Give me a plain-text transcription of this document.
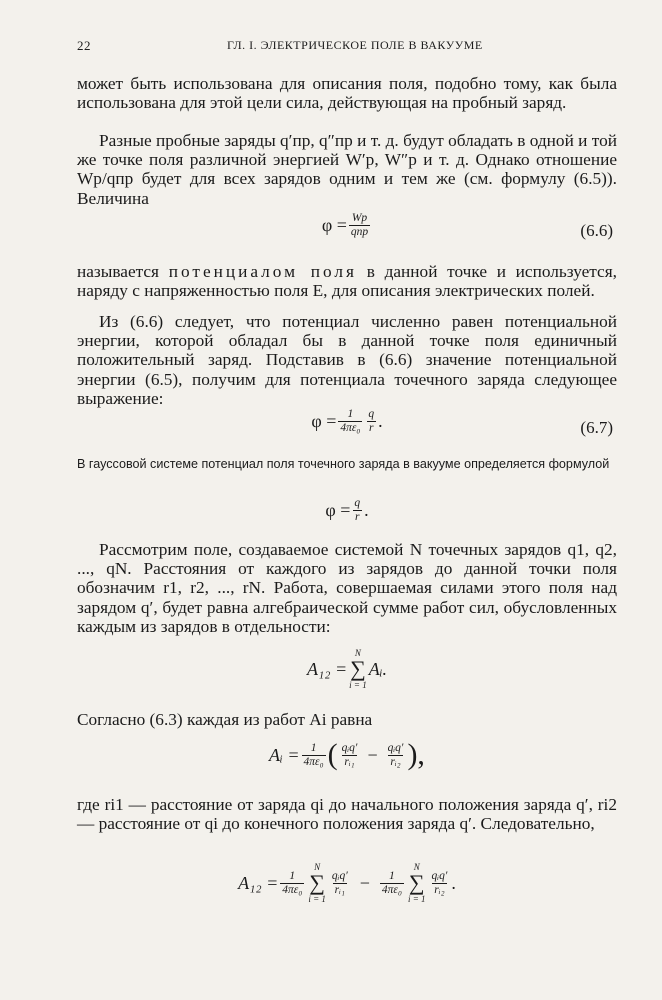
22	ГЛ. I. ЭЛЕКТРИЧЕСКОЕ ПОЛЕ В ВАКУУМЕ

может быть использована для описания поля, подобно тому, как была использована для этой цели сила, действующая на пробный заряд.

Разные пробные заряды q′пр, q″пр и т. д. будут обладать в одной и той же точке поля различной энергией W′p, W″p и т. д. Однако отношение Wp/qпр будет для всех зарядов одним и тем же (см. формулу (6.5)). Величина

$\varphi = \frac{Wp}{\text{qпр}}$	(6.6)

называется потенциалом поля в данной точке и используется, наряду с напряженностью поля E, для описания электрических полей.

Из (6.6) следует, что потенциал численно равен потенциальной энергии, которой обладал бы в данной точке поля единичный положительный заряд. Подставив в (6.6) значение потенциальной энергии (6.5), получим для потенциала точечного заряда следующее выражение:

$\varphi = \frac{1}{\text{4πε₀}} \frac{q}{r}$ .	(6.7)

В гауссовой системе потенциал поля точечного заряда в вакууме определяется формулой

$\varphi = \frac{q}{r}$ .

Рассмотрим поле, создаваемое системой N точечных зарядов q1, q2, ..., qN. Расстояния от каждого из зарядов до данной точки поля обозначим r1, r2, ..., rN. Работа, совершаемая силами этого поля над зарядом q′, будет равна алгебраической сумме работ сил, обусловленных каждым из зарядов в отдельности:

A₁₂ =
N
∑
i = 1
Aᵢ.

Согласно (6.3) каждая из работ Ai равна

Aᵢ = $\frac{1}{\text{4πε₀}}$ ( $\frac{\text{qᵢq′}}{\text{rᵢ₁}} - \frac{\text{qᵢq′}}{\text{rᵢ₂}}$ ),

где ri1 — расстояние от заряда qi до начального положения заряда q′, ri2 — расстояние от qi до конечного положения заряда q′. Следовательно,

$A_{12} = \frac{1}{\text{4πε₀}}$
N
∑
i = 1
$\frac{\text{qᵢq′}}{\text{rᵢ₁}} - \frac{1}{\text{4πε₀}}$
N
∑
i = 1
$\frac{\text{qᵢq′}}{\text{rᵢ₂}}$ .
